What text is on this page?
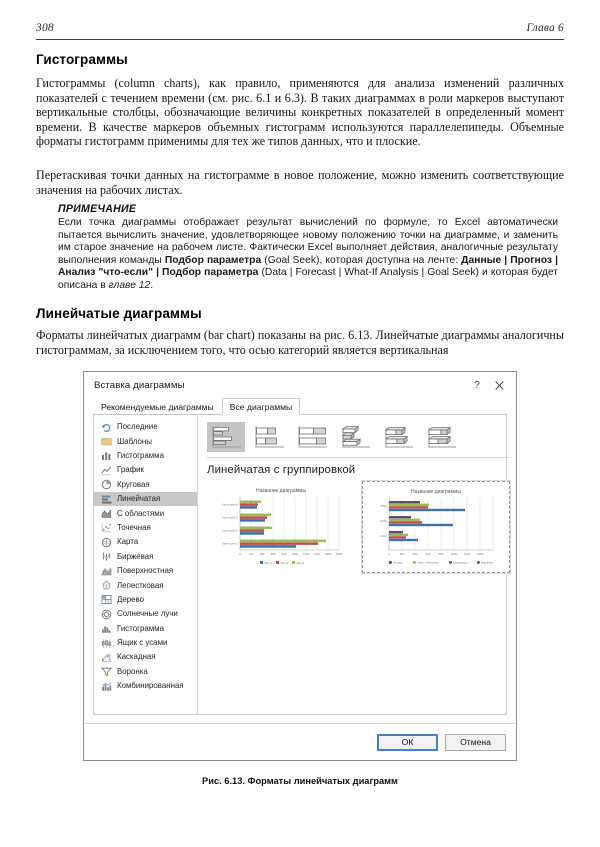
308	Глава 6
Гистограммы

Гистограммы (column charts), как правило, применяются для анализа изменений различных показателей с течением времени (см. рис. 6.1 и 6.3). В таких диаграммах в роли маркеров выступают вертикальные столбцы, обозначающие величины конкретных показателей в определенный момент времени. В качестве маркеров объемных гистограмм используются параллелепипеды. Объемные форматы гистограмм применимы для тех же типов данных, что и плоские.

Перетаскивая точки данных на гистограмме в новое положение, можно изменить соответствующие значения на рабочих листах.

ПРИМЕЧАНИЕ
Если точка диаграммы отображает результат вычислений по формуле, то Excel автоматически пытается вычислить значение, удовлетворяющее новому положению точки на диаграмме, и заменить им старое значение на рабочем листе. Фактически Excel выполняет действия, аналогичные результату выполнения команды Подбор параметра (Goal Seek), которая доступна на ленте: Данные | Прогноз | Анализ "что-если" | Подбор параметра (Data | Forecast | What-If Analysis | Goal Seek) и которая будет описана в главе 12.
Линейчатые диаграммы

Форматы линейчатых диаграмм (bar chart) показаны на рис. 6.13. Линейчатые диаграммы аналогичны гистограммам, за исключением того, что осью категорий является вертикальная

Вставка диаграммы	?
Рекомендуемые диаграммы	Все диаграммы
Последние
Шаблоны
Гистограмма
График
Круговая
Линейчатая
С областями
Точечная
Карта
Биржевая
Поверхностная
Лепестковая
Дерево
Солнечные лучи
Гистограмма
Ящик с усами
Каскадная
Воронка
Комбинированная
Линейчатая с группировкой
Название диаграммы
Категория 4
Категория 3
Категория 2
Категория 1
0	200 400 600 800 1000 1200 1400 1600 1800
Ряд 1	Ряд 2	Ряд 3
Название диаграммы
2016
2015
2014
0	200	400	600	800	1000 1200 1400
Москва	Санкт-Петербург	Красноярск	Воронеж
ОК	Отмена
Рис. 6.13. Форматы линейчатых диаграмм
